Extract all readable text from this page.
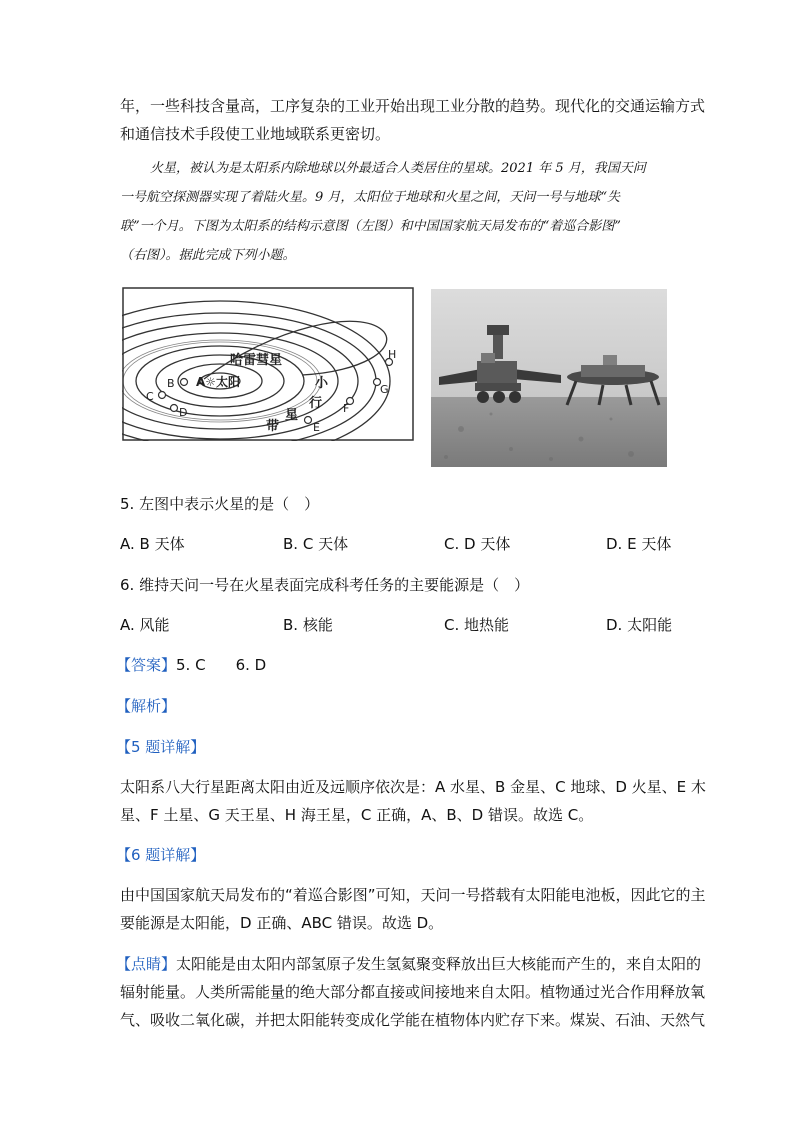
年，一些科技含量高，工序复杂的工业开始出现工业分散的趋势。现代化的交通运输方式
和通信技术手段使工业地域联系更密切。
火星，被认为是太阳系内除地球以外最适合人类居住的星球。2021 年 5 月，我国天问
一号航空探测器实现了着陆火星。9 月，太阳位于地球和火星之间，天问一号与地球“失
联”一个月。下图为太阳系的结构示意图（左图）和中国国家航天局发布的“着巡合影图”
（右图）。据此完成下列小题。
哈雷彗星
A☼太阳	小
行
星
带
B
C
D
E
F
G
H
5. 左图中表示火星的是（　）
A. B 天体	B. C 天体	C. D 天体	D. E 天体
6. 维持天问一号在火星表面完成科考任务的主要能源是（　）
A. 风能	B. 核能	C. 地热能	D. 太阳能
【答案】5. C　　6. D
【解析】
【5 题详解】
太阳系八大行星距离太阳由近及远顺序依次是：A 水星、B 金星、C 地球、D 火星、E 木
星、F 土星、G 天王星、H 海王星，C 正确，A、B、D 错误。故选 C。
【6 题详解】
由中国国家航天局发布的“着巡合影图”可知，天问一号搭载有太阳能电池板，因此它的主
要能源是太阳能，D 正确、ABC 错误。故选 D。
【点睛】太阳能是由太阳内部氢原子发生氢氦聚变释放出巨大核能而产生的，来自太阳的
辐射能量。人类所需能量的绝大部分都直接或间接地来自太阳。植物通过光合作用释放氧
气、吸收二氧化碳，并把太阳能转变成化学能在植物体内贮存下来。煤炭、石油、天然气
